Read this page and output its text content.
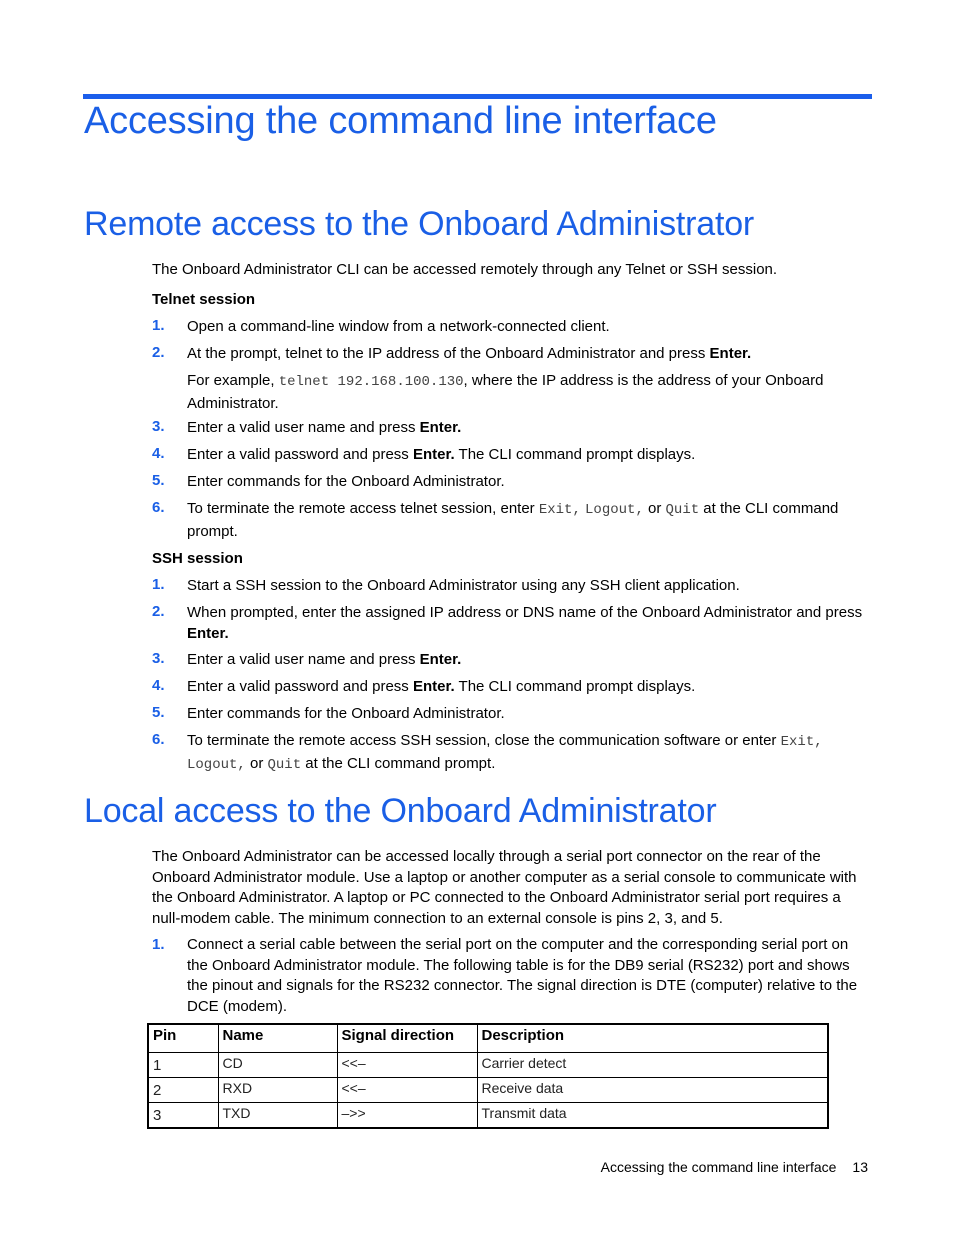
Accessing the command line interface
Remote access to the Onboard Administrator
The Onboard Administrator CLI can be accessed remotely through any Telnet or SSH session.
Telnet session
1. Open a command-line window from a network-connected client.
2. At the prompt, telnet to the IP address of the Onboard Administrator and press Enter.
For example, telnet 192.168.100.130, where the IP address is the address of your Onboard Administrator.
3. Enter a valid user name and press Enter.
4. Enter a valid password and press Enter. The CLI command prompt displays.
5. Enter commands for the Onboard Administrator.
6. To terminate the remote access telnet session, enter Exit, Logout, or Quit at the CLI command prompt.
SSH session
1. Start a SSH session to the Onboard Administrator using any SSH client application.
2. When prompted, enter the assigned IP address or DNS name of the Onboard Administrator and press Enter.
3. Enter a valid user name and press Enter.
4. Enter a valid password and press Enter. The CLI command prompt displays.
5. Enter commands for the Onboard Administrator.
6. To terminate the remote access SSH session, close the communication software or enter Exit, Logout, or Quit at the CLI command prompt.
Local access to the Onboard Administrator
The Onboard Administrator can be accessed locally through a serial port connector on the rear of the Onboard Administrator module. Use a laptop or another computer as a serial console to communicate with the Onboard Administrator. A laptop or PC connected to the Onboard Administrator serial port requires a null-modem cable. The minimum connection to an external console is pins 2, 3, and 5.
1. Connect a serial cable between the serial port on the computer and the corresponding serial port on the Onboard Administrator module. The following table is for the DB9 serial (RS232) port and shows the pinout and signals for the RS232 connector. The signal direction is DTE (computer) relative to the DCE (modem).
Pin	Name	Signal direction	Description
1	CD	<<–	Carrier detect
2	RXD	<<–	Receive data
3	TXD	–>>	Transmit data
Accessing the command line interface 13
